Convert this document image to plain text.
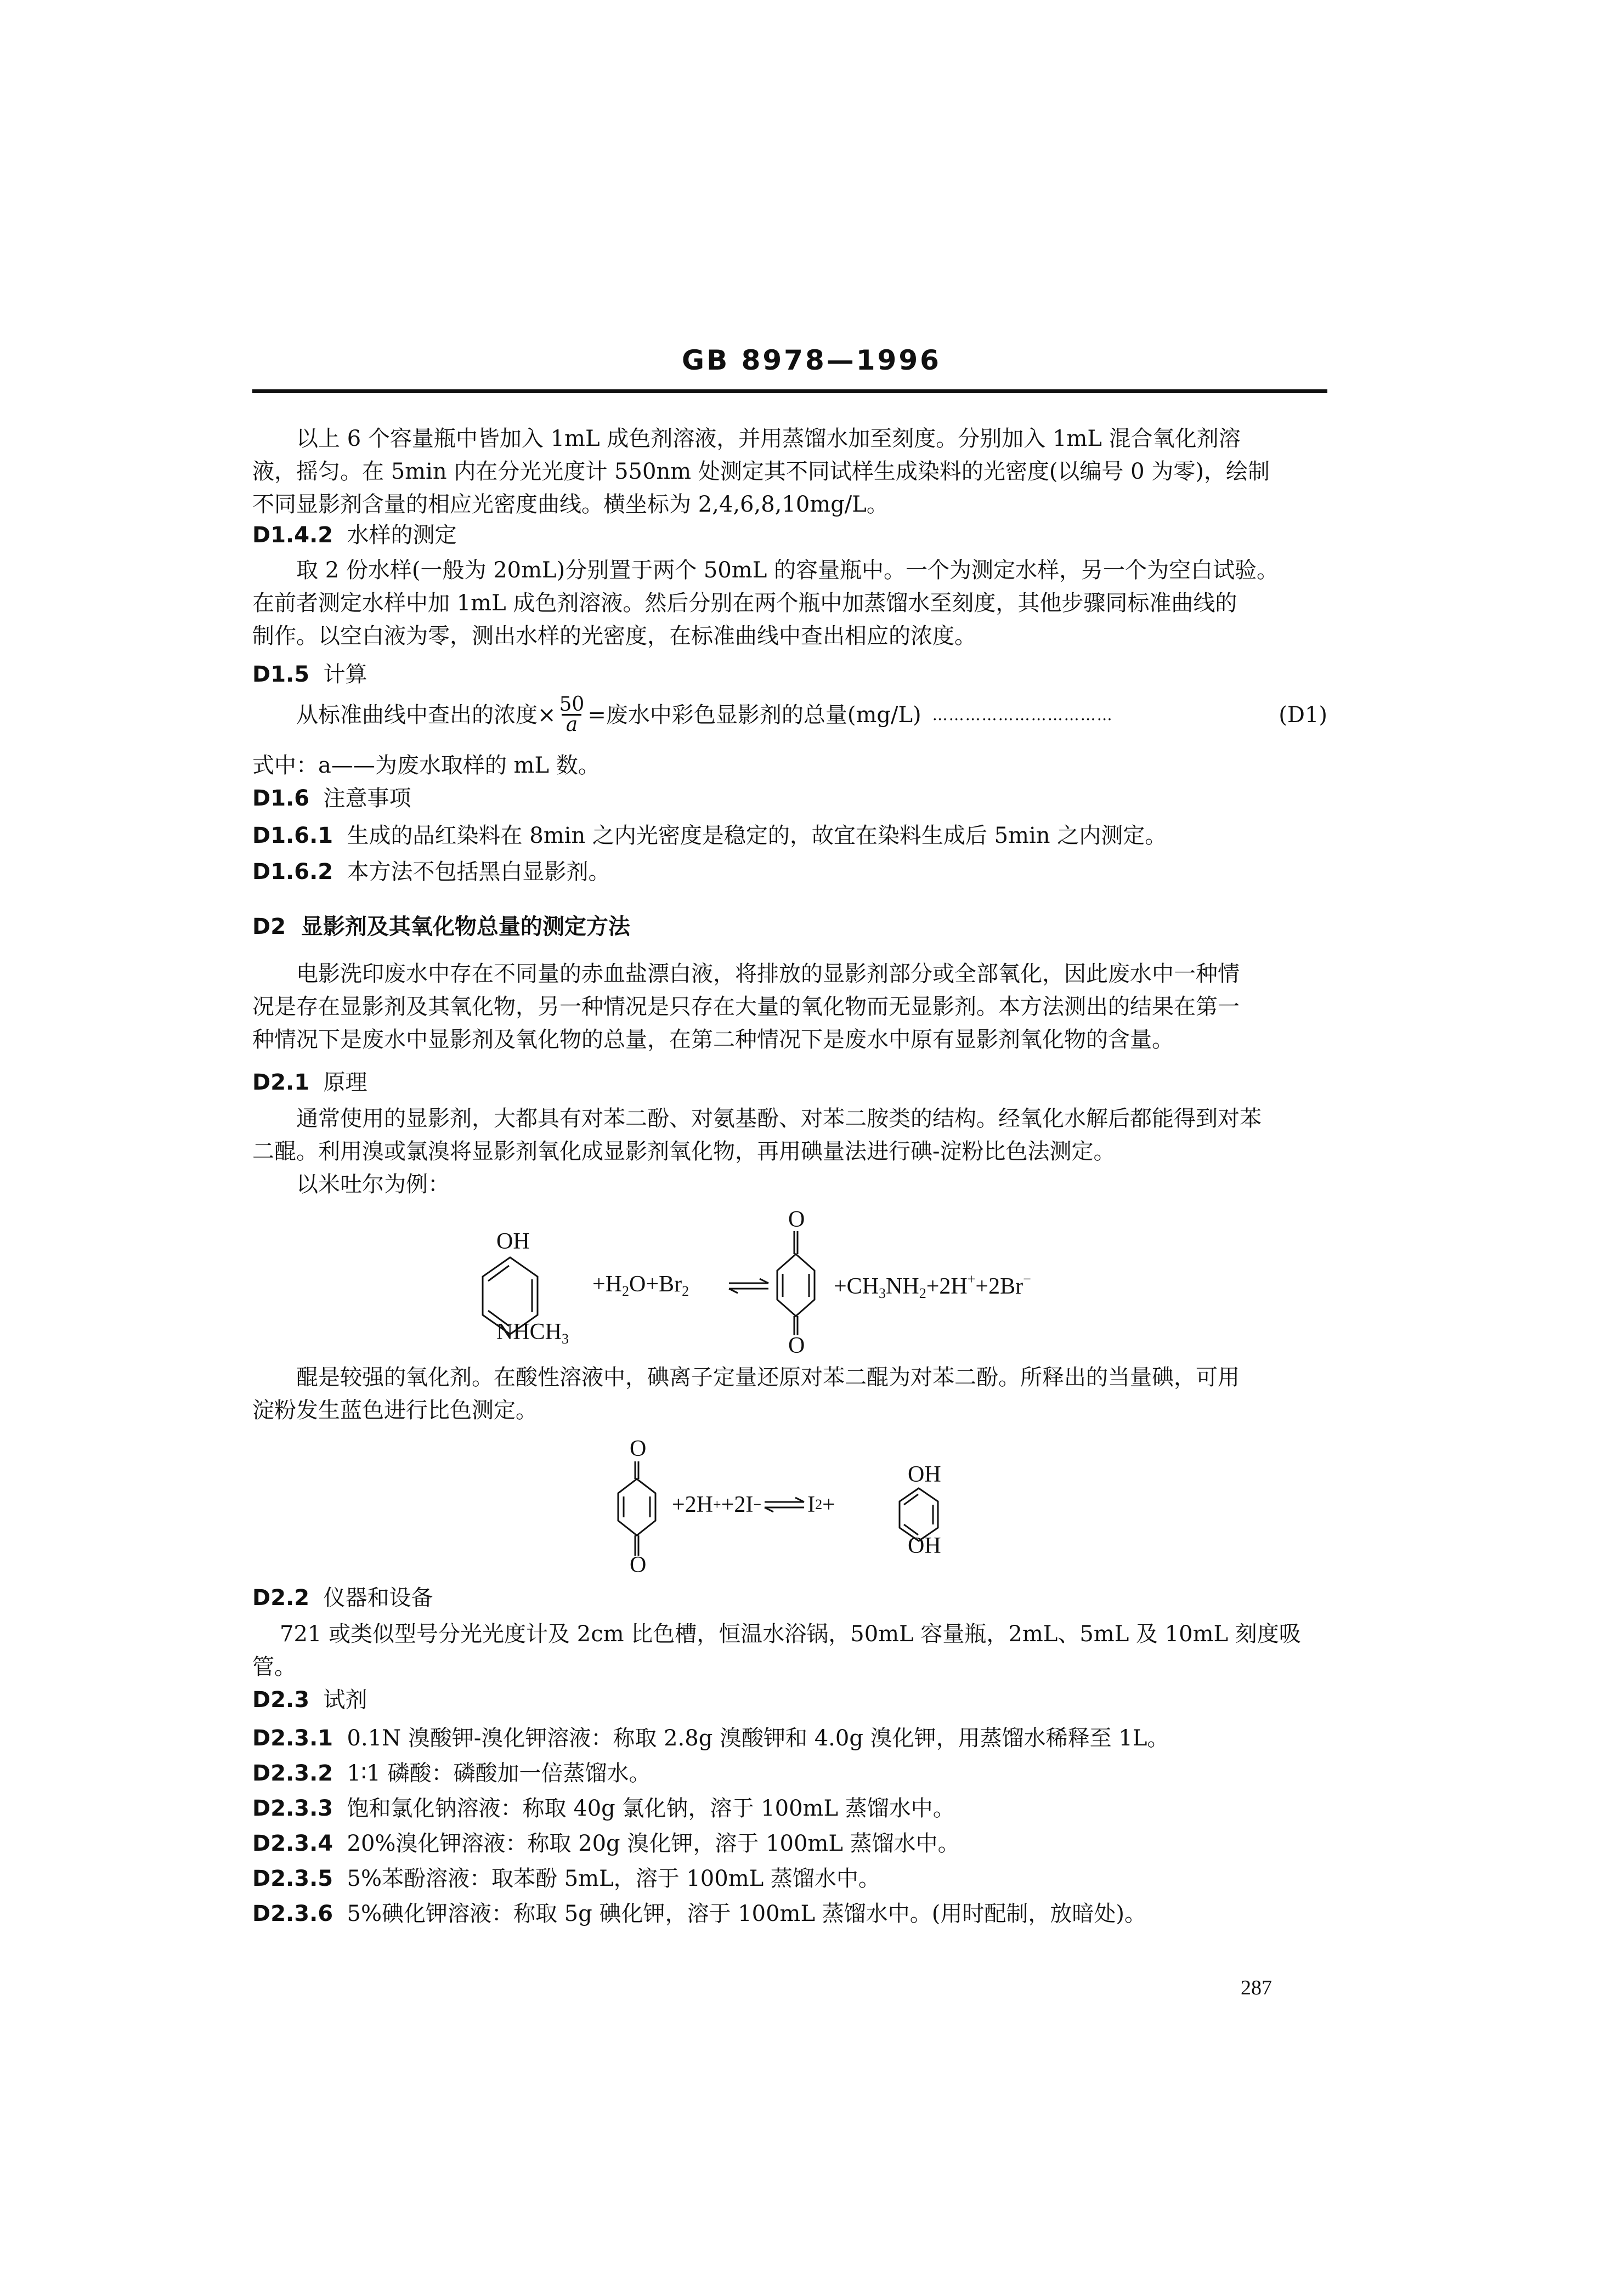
GB 8978—1996
以上 6 个容量瓶中皆加入 1mL 成色剂溶液，并用蒸馏水加至刻度。分别加入 1mL 混合氧化剂溶
液，摇匀。在 5min 内在分光光度计 550nm 处测定其不同试样生成染料的光密度(以编号 0 为零)，绘制
不同显影剂含量的相应光密度曲线。横坐标为 2,4,6,8,10mg/L。
D1.4.2 水样的测定
取 2 份水样(一般为 20mL)分别置于两个 50mL 的容量瓶中。一个为测定水样，另一个为空白试验。
在前者测定水样中加 1mL 成色剂溶液。然后分别在两个瓶中加蒸馏水至刻度，其他步骤同标准曲线的
制作。以空白液为零，测出水样的光密度，在标准曲线中查出相应的浓度。
D1.5 计算
从标准曲线中查出的浓度× $\frac{50}{a}$ =废水中彩色显影剂的总量(mg/L) ……………………………	(D1)
式中：a——为废水取样的 mL 数。
D1.6 注意事项
D1.6.1 生成的品红染料在 8min 之内光密度是稳定的，故宜在染料生成后 5min 之内测定。
D1.6.2 本方法不包括黑白显影剂。
D2 显影剂及其氧化物总量的测定方法
电影洗印废水中存在不同量的赤血盐漂白液，将排放的显影剂部分或全部氧化，因此废水中一种情
况是存在显影剂及其氧化物，另一种情况是只存在大量的氧化物而无显影剂。本方法测出的结果在第一
种情况下是废水中显影剂及氧化物的总量，在第二种情况下是废水中原有显影剂氧化物的含量。
D2.1 原理
通常使用的显影剂，大都具有对苯二酚、对氨基酚、对苯二胺类的结构。经氧化水解后都能得到对苯
二醌。利用溴或氯溴将显影剂氧化成显影剂氧化物，再用碘量法进行碘-淀粉比色法测定。
以米吐尔为例：
OH
$NHCH_3$
$+H_2O+Br_2$
O
O
$+CH_3NH_2+2H^++2Br^-$
醌是较强的氧化剂。在酸性溶液中，碘离子定量还原对苯二醌为对苯二酚。所释出的当量碘，可用
淀粉发生蓝色进行比色测定。
O
O
+2H + +2I − ⇌ I 2 +
OH
OH
D2.2 仪器和设备
721 或类似型号分光光度计及 2cm 比色槽，恒温水浴锅，50mL 容量瓶，2mL、5mL 及 10mL 刻度吸
管。
D2.3 试剂
D2.3.1 0.1N 溴酸钾-溴化钾溶液：称取 2.8g 溴酸钾和 4.0g 溴化钾，用蒸馏水稀释至 1L。
D2.3.2 1∶1 磷酸：磷酸加一倍蒸馏水。
D2.3.3 饱和氯化钠溶液：称取 40g 氯化钠，溶于 100mL 蒸馏水中。
D2.3.4 20%溴化钾溶液：称取 20g 溴化钾，溶于 100mL 蒸馏水中。
D2.3.5 5%苯酚溶液：取苯酚 5mL，溶于 100mL 蒸馏水中。
D2.3.6 5%碘化钾溶液：称取 5g 碘化钾，溶于 100mL 蒸馏水中。(用时配制，放暗处)。
287
